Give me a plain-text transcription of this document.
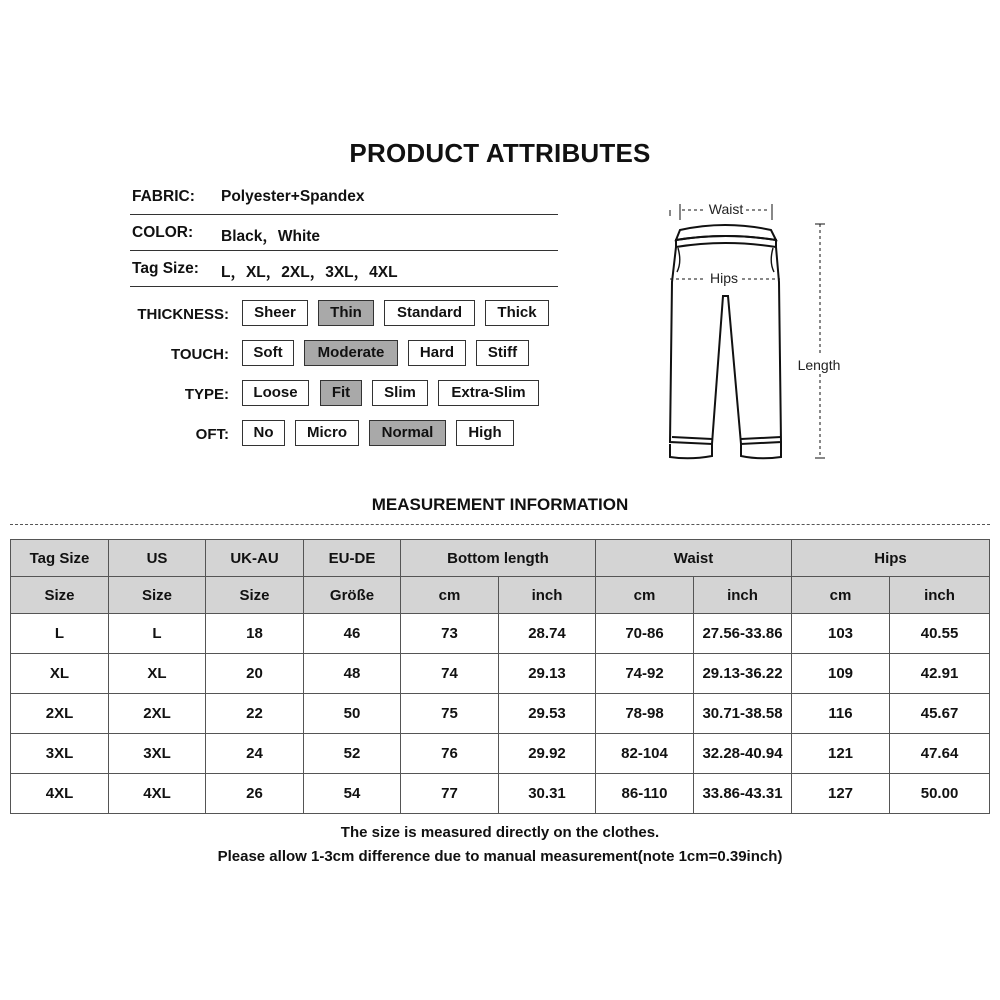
PRODUCT ATTRIBUTES
FABRIC: Polyester+Spandex
COLOR: Black，White
Tag Size: L，XL，2XL，3XL，4XL
THICKNESS:	Sheer	Thin	Standard	Thick
TOUCH:	Soft	Moderate	Hard	Stiff
TYPE:	Loose	Fit	Slim	Extra-Slim
OFT:	No	Micro	Normal	High
Waist
Hips
Length
MEASUREMENT INFORMATION
Tag Size	US	UK-AU	EU-DE	Bottom length		Waist		Hips	
Size	Size	Size	Größe	cm	inch	cm	inch	cm	inch
L	L	18	46	73	28.74	70-86	27.56-33.86	103	40.55
XL	XL	20	48	74	29.13	74-92	29.13-36.22	109	42.91
2XL	2XL	22	50	75	29.53	78-98	30.71-38.58	116	45.67
3XL	3XL	24	52	76	29.92	82-104	32.28-40.94	121	47.64
4XL	4XL	26	54	77	30.31	86-110	33.86-43.31	127	50.00
The size is measured directly on the clothes.
Please allow 1-3cm difference due to manual measurement(note 1cm=0.39inch)
